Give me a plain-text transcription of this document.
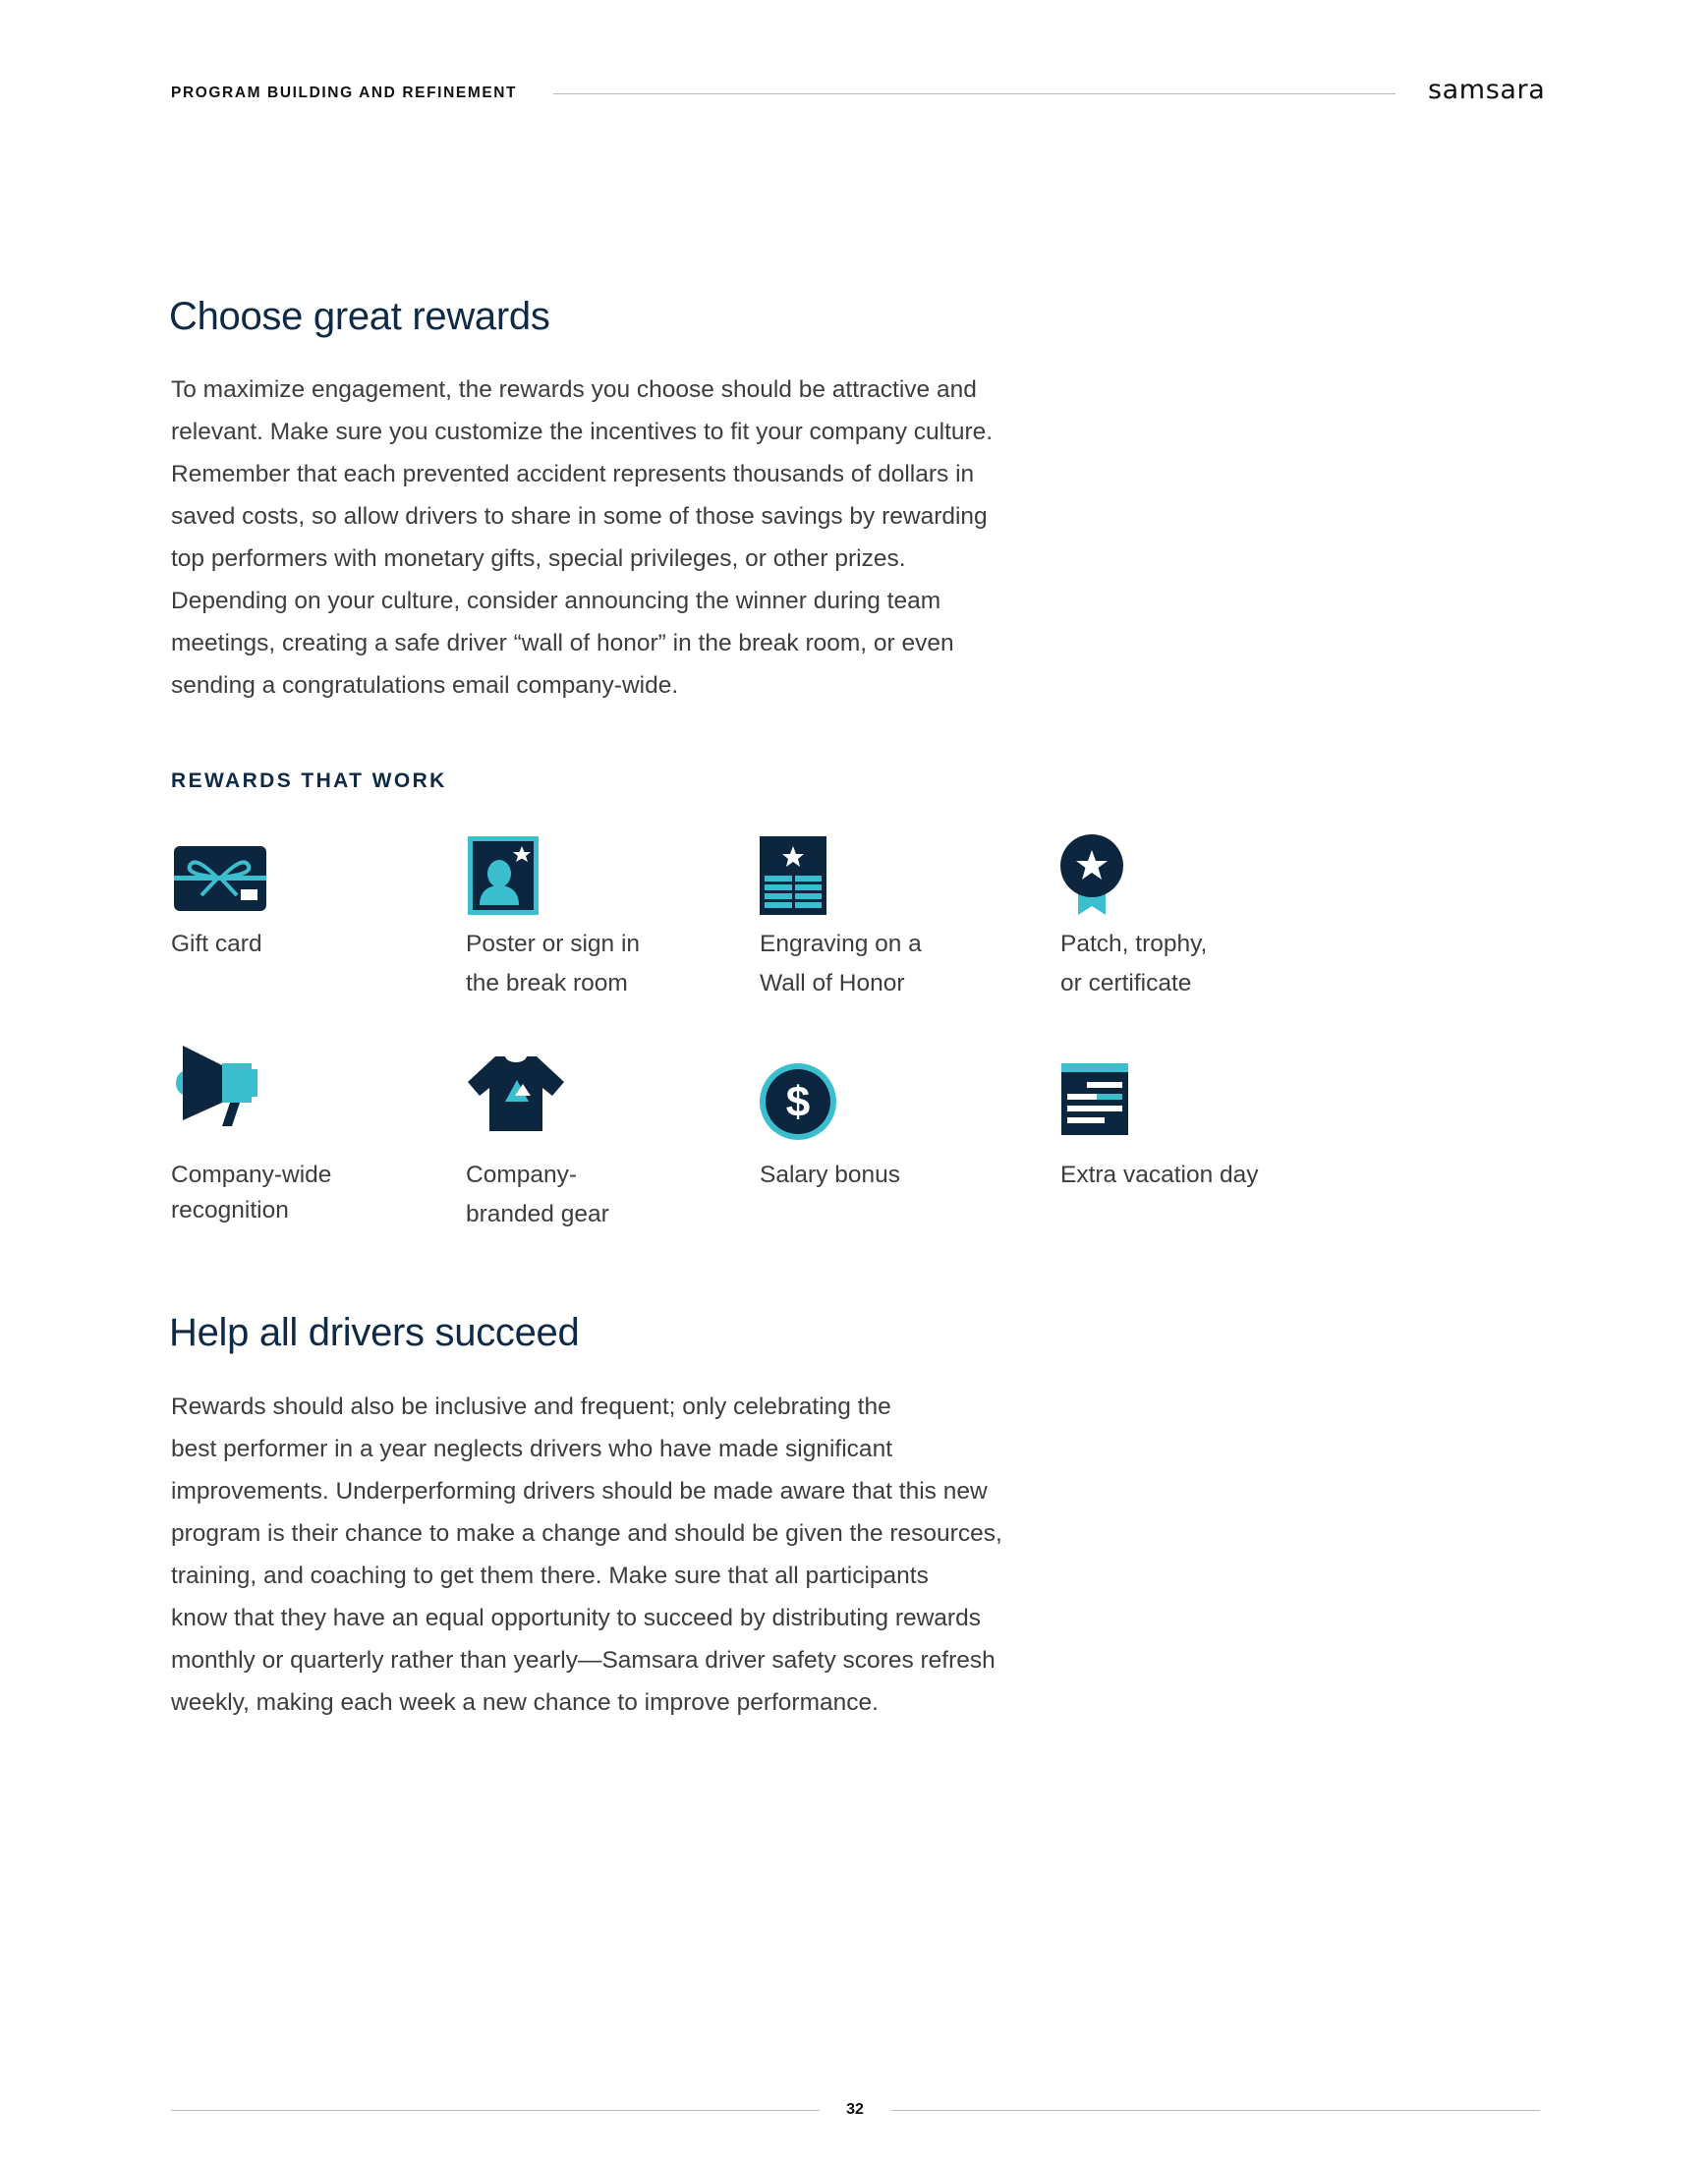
PROGRAM BUILDING AND REFINEMENT	samsara
Choose great rewards

To maximize engagement, the rewards you choose should be attractive and
relevant. Make sure you customize the incentives to fit your company culture.
Remember that each prevented accident represents thousands of dollars in
saved costs, so allow drivers to share in some of those savings by rewarding
top performers with monetary gifts, special privileges, or other prizes.
Depending on your culture, consider announcing the winner during team
meetings, creating a safe driver “wall of honor” in the break room, or even
sending a congratulations email company-wide.

REWARDS THAT WORK
Gift card	Poster or sign in
the break room
Engraving on a
Wall of Honor
Patch, trophy,
or certificate
Company-wide
recognition
Company-
branded gear
$
Salary bonus	Extra vacation day
Help all drivers succeed

Rewards should also be inclusive and frequent; only celebrating the
best performer in a year neglects drivers who have made significant
improvements. Underperforming drivers should be made aware that this new
program is their chance to make a change and should be given the resources,
training, and coaching to get them there. Make sure that all participants
know that they have an equal opportunity to succeed by distributing rewards
monthly or quarterly rather than yearly—Samsara driver safety scores refresh
weekly, making each week a new chance to improve performance.

32
